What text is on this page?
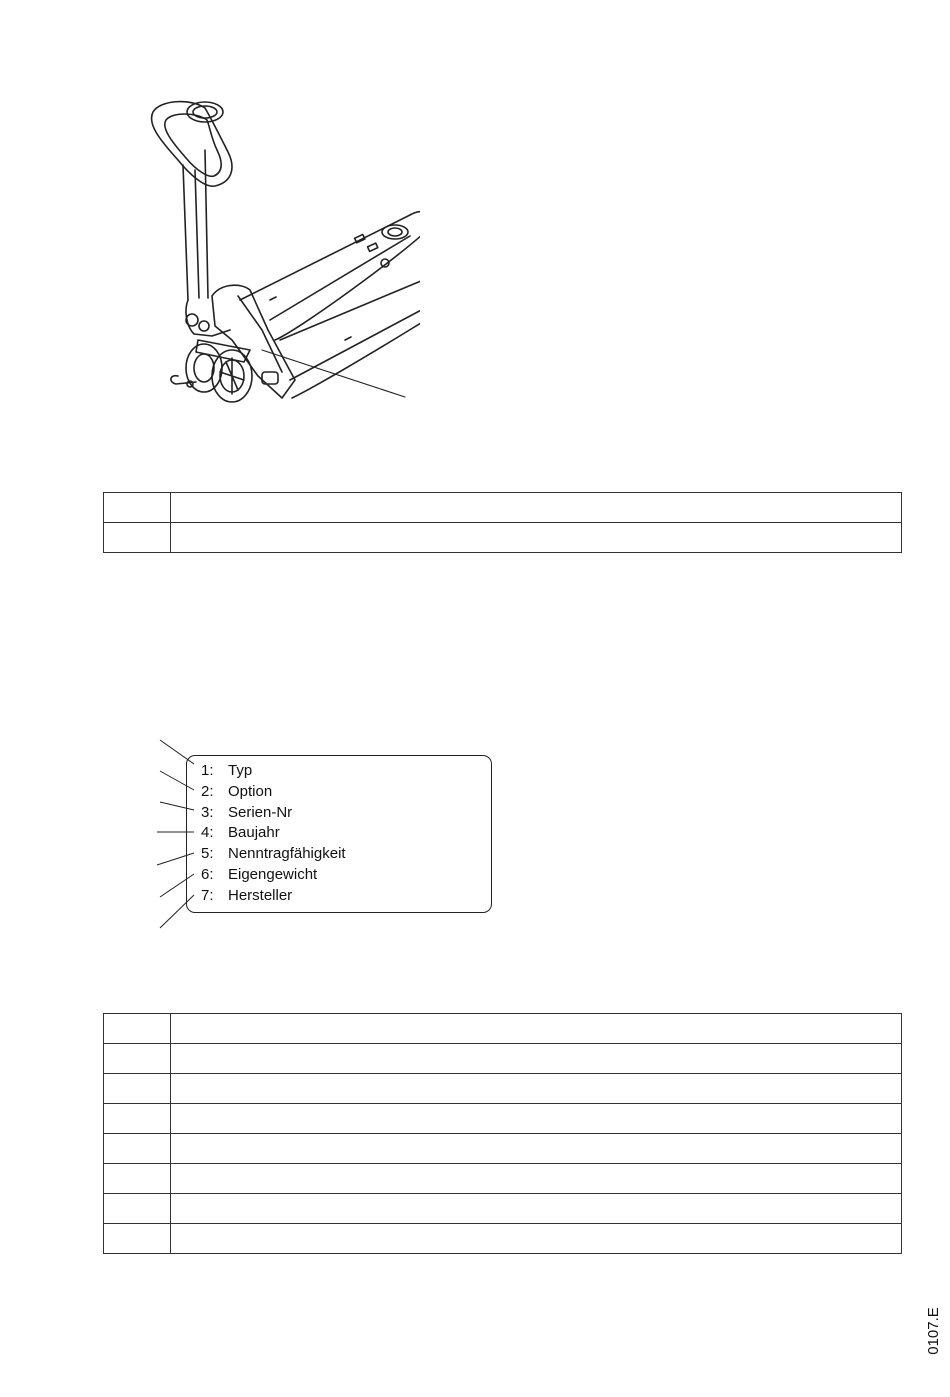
1: Typ
2: Option
3: Serien-Nr
4: Baujahr
5: Nenntragfähigkeit
6: Eigengewicht
7: Hersteller

0107.E
